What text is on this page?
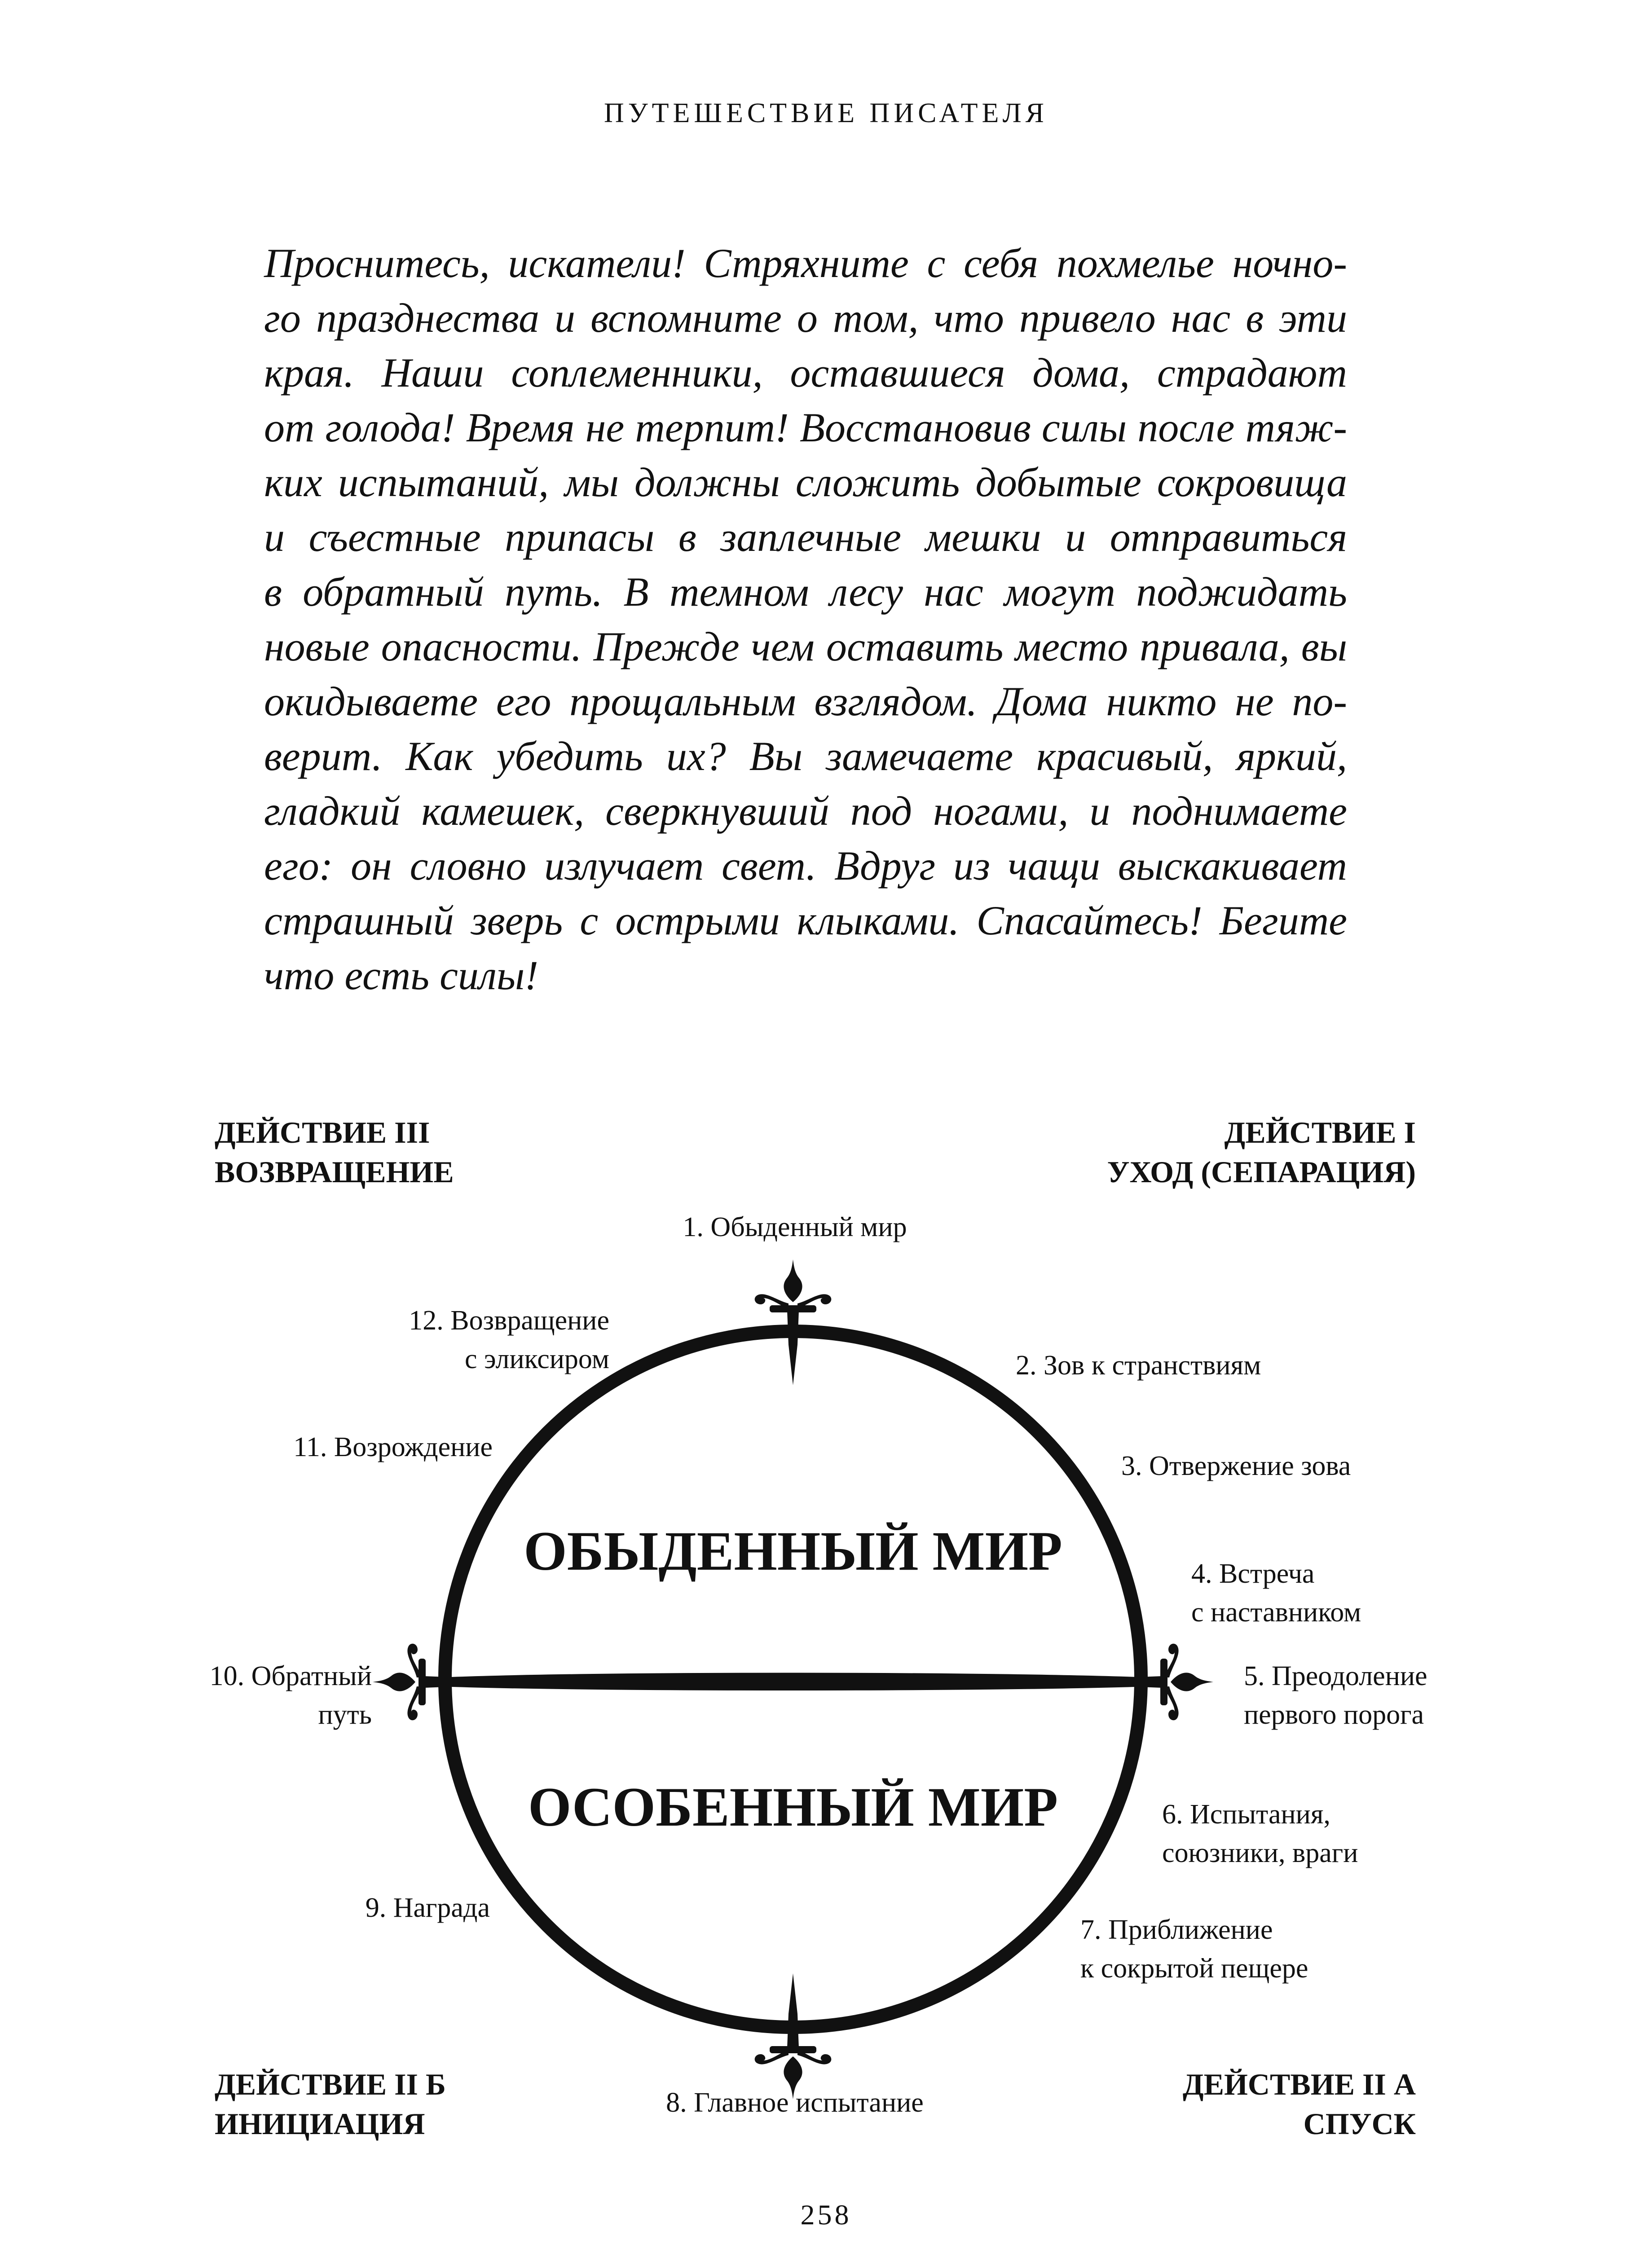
ПУТЕШЕСТВИЕ ПИСАТЕЛЯ
Проснитесь, искатели! Стряхните с себя похмелье ночно-
го празднества и вспомните о том, что привело нас в эти
края. Наши соплеменники, оставшиеся дома, страдают
от голода! Время не терпит! Восстановив силы после тяж-
ких испытаний, мы должны сложить добытые сокровища
и съестные припасы в заплечные мешки и отправиться
в обратный путь. В темном лесу нас могут поджидать
новые опасности. Прежде чем оставить место привала, вы
окидываете его прощальным взглядом. Дома никто не по-
верит. Как убедить их? Вы замечаете красивый, яркий,
гладкий камешек, сверкнувший под ногами, и поднимаете
его: он словно излучает свет. Вдруг из чащи выскакивает
страшный зверь с острыми клыками. Спасайтесь! Бегите
что есть силы!
ДЕЙСТВИЕ III
ВОЗВРАЩЕНИЕ
ДЕЙСТВИЕ I
УХОД (СЕПАРАЦИЯ)
ДЕЙСТВИЕ II Б
ИНИЦИАЦИЯ
ДЕЙСТВИЕ II А
СПУСК
ОБЫДЕННЫЙ МИР
ОСОБЕННЫЙ МИР
1. Обыденный мир
2. Зов к странствиям
3. Отвержение зова
4. Встреча
с наставником
5. Преодоление
первого порога
6. Испытания,
союзники, враги
7. Приближение
к сокрытой пещере
8. Главное испытание
9. Награда
10. Обратный
путь
11. Возрождение
12. Возвращение
с эликсиром
258
